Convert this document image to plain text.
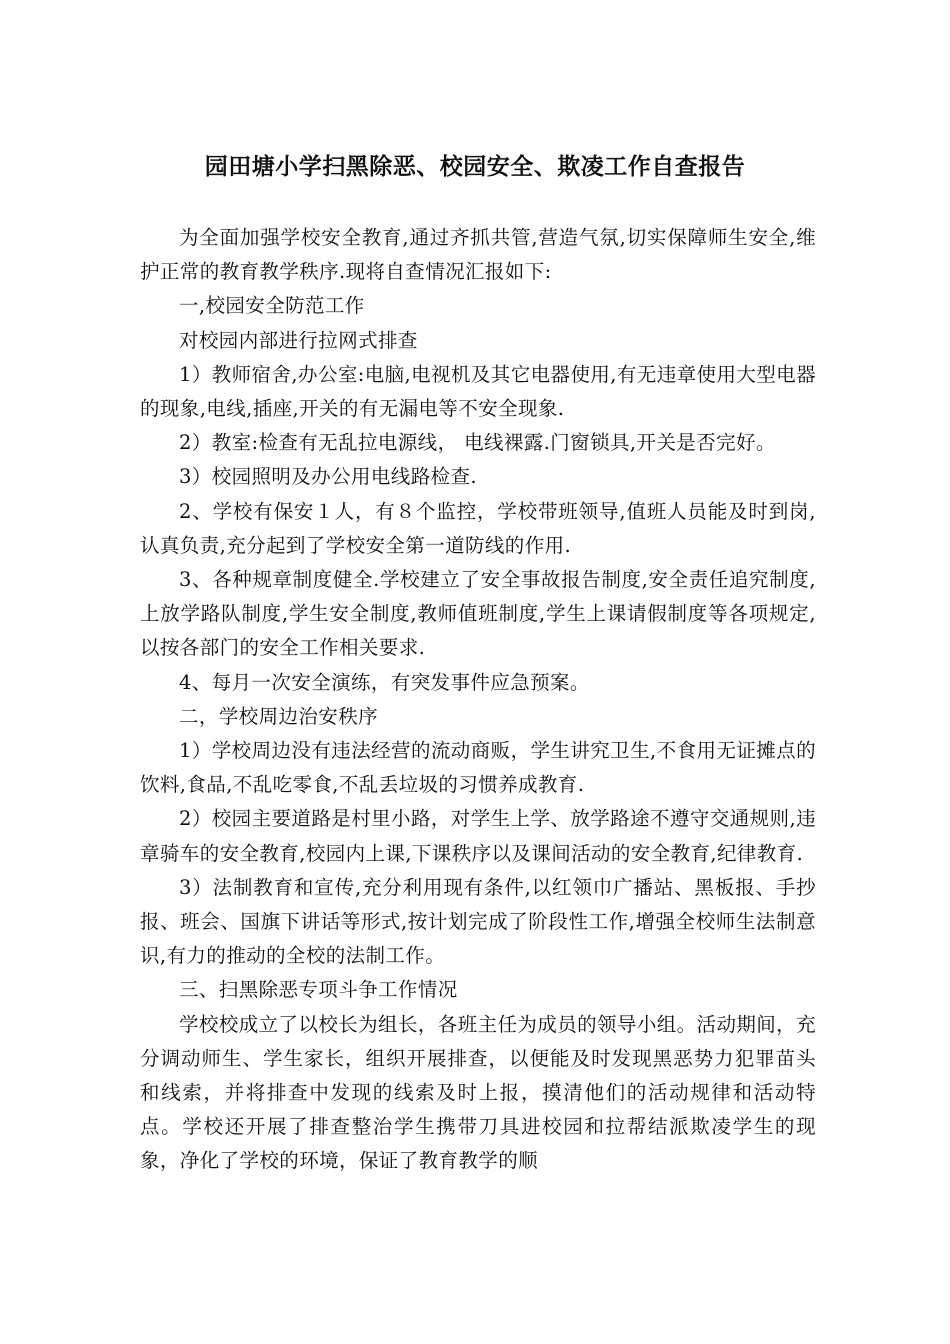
园田塘小学扫黑除恶、校园安全、欺凌工作自查报告

为全面加强学校安全教育,通过齐抓共管,营造气氛,切实保障师生安全,维护正常的教育教学秩序.现将自查情况汇报如下:

一,校园安全防范工作

对校园内部进行拉网式排查

1）教师宿舍,办公室:电脑,电视机及其它电器使用,有无违章使用大型电器的现象,电线,插座,开关的有无漏电等不安全现象.

2）教室:检查有无乱拉电源线， 电线裸露.门窗锁具,开关是否完好。

3）校园照明及办公用电线路检查.

2、学校有保安１人，有８个监控，学校带班领导,值班人员能及时到岗,认真负责,充分起到了学校安全第一道防线的作用.

3、各种规章制度健全.学校建立了安全事故报告制度,安全责任追究制度,上放学路队制度,学生安全制度,教师值班制度,学生上课请假制度等各项规定,以按各部门的安全工作相关要求.

4、每月一次安全演练，有突发事件应急预案。

二，学校周边治安秩序

1）学校周边没有违法经营的流动商贩，学生讲究卫生,不食用无证摊点的饮料,食品,不乱吃零食,不乱丢垃圾的习惯养成教育.

2）校园主要道路是村里小路，对学生上学、放学路途不遵守交通规则,违章骑车的安全教育,校园内上课,下课秩序以及课间活动的安全教育,纪律教育.

3）法制教育和宣传,充分利用现有条件,以红领巾广播站、黑板报、手抄报、班会、国旗下讲话等形式,按计划完成了阶段性工作,增强全校师生法制意识,有力的推动的全校的法制工作。

三、扫黑除恶专项斗争工作情况

学校校成立了以校长为组长，各班主任为成员的领导小组。活动期间，充分调动师生、学生家长，组织开展排查，以便能及时发现黑恶势力犯罪苗头和线索，并将排查中发现的线索及时上报，摸清他们的活动规律和活动特点。学校还开展了排查整治学生携带刀具进校园和拉帮结派欺凌学生的现象，净化了学校的环境，保证了教育教学的顺
